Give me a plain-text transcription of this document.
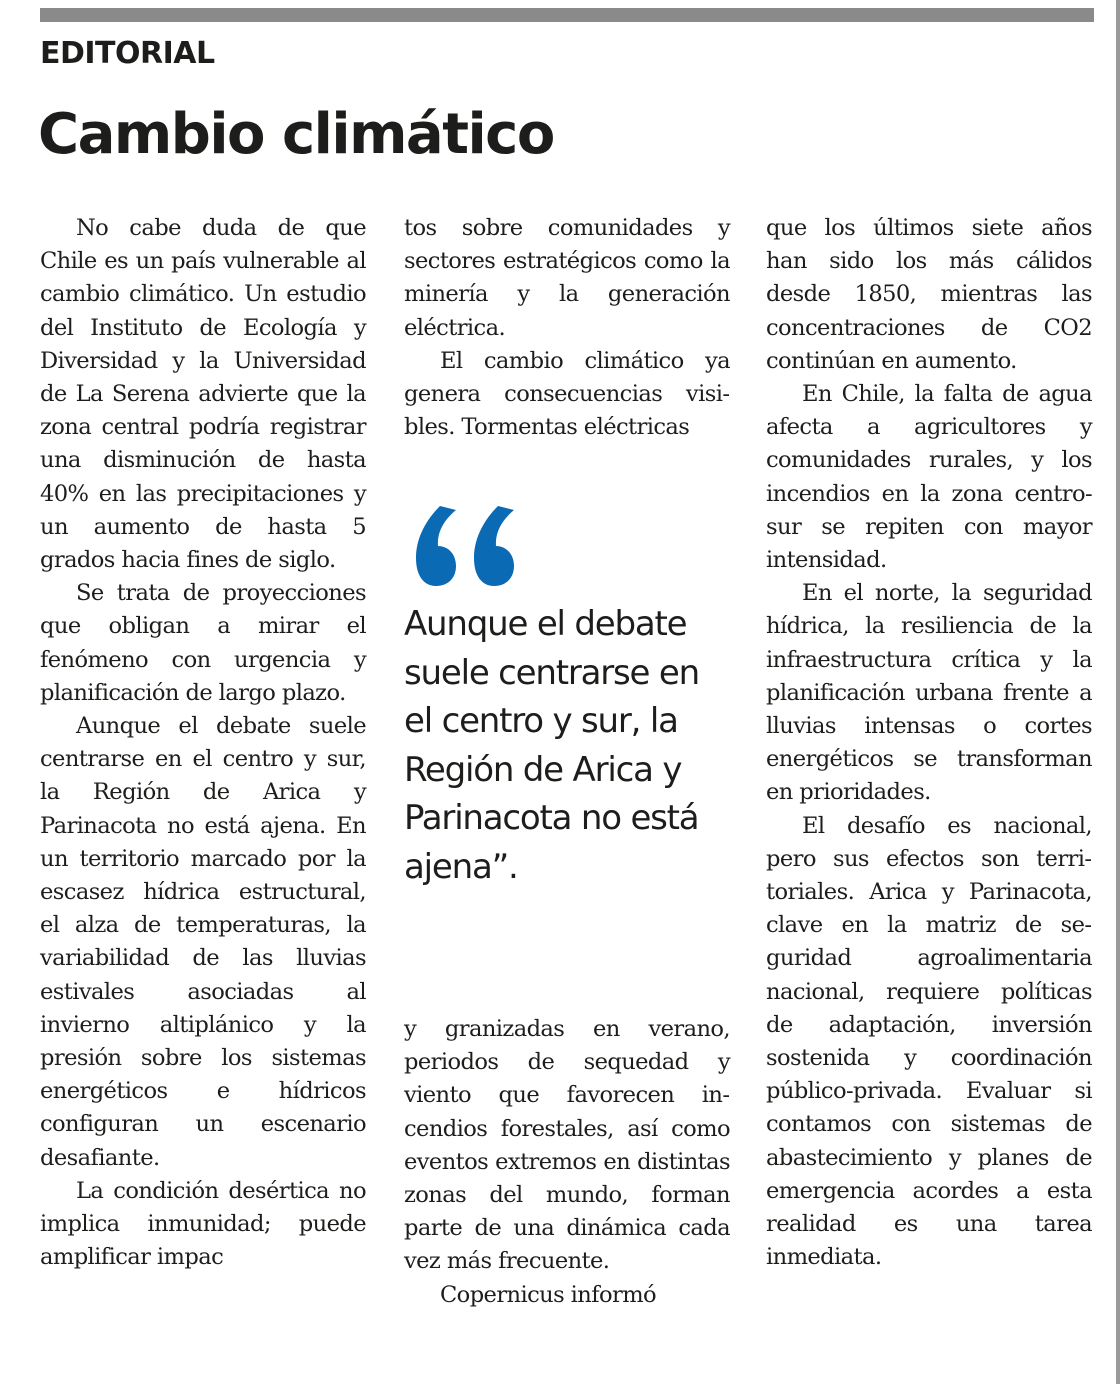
EDITORIAL
Cambio climático

No cabe duda de que Chile es un país vulnerable al cambio climático. Un estudio del Instituto de Ecología y Diversidad y la Universidad de La Serena advierte que la zona central podría registrar una disminución de hasta 40% en las precipitaciones y un aumento de hasta 5 grados hacia fines de siglo.

Se trata de proyecciones que obligan a mirar el fenómeno con urgencia y planificación de largo plazo.

Aunque el debate suele centrarse en el centro y sur, la Región de Arica y Parinacota no está ajena. En un territorio marcado por la escasez hídrica estructural, el alza de temperaturas, la variabilidad de las lluvias estivales asociadas al invierno altiplánico y la presión sobre los sistemas energéticos e hídricos configuran un escenario desafiante.

La condición desértica no implica inmunidad; puede amplificar impac

tos sobre comunidades y sectores estratégicos como la minería y la generación eléctrica.

El cambio climático ya genera consecuencias visibles. Tormentas eléctricas

Aunque el debate suele centrarse en el centro y sur, la Región de Arica y Parinacota no está ajena”.

y granizadas en verano, periodos de sequedad y viento que favorecen incendios forestales, así como eventos extremos en distintas zonas del mundo, forman parte de una dinámica cada vez más frecuente.

Copernicus informó

que los últimos siete años han sido los más cálidos desde 1850, mientras las concentraciones de CO2 continúan en aumento.

En Chile, la falta de agua afecta a agricultores y comunidades rurales, y los incendios en la zona centro-sur se repiten con mayor intensidad.

En el norte, la seguridad hídrica, la resiliencia de la infraestructura crítica y la planificación urbana frente a lluvias intensas o cortes energéticos se transforman en prioridades.

El desafío es nacional, pero sus efectos son territoriales. Arica y Parinacota, clave en la matriz de seguridad agroalimentaria nacional, requiere políticas de adaptación, inversión sostenida y coordinación público-privada. Evaluar si contamos con sistemas de abastecimiento y planes de emergencia acordes a esta realidad es una tarea inmediata.
